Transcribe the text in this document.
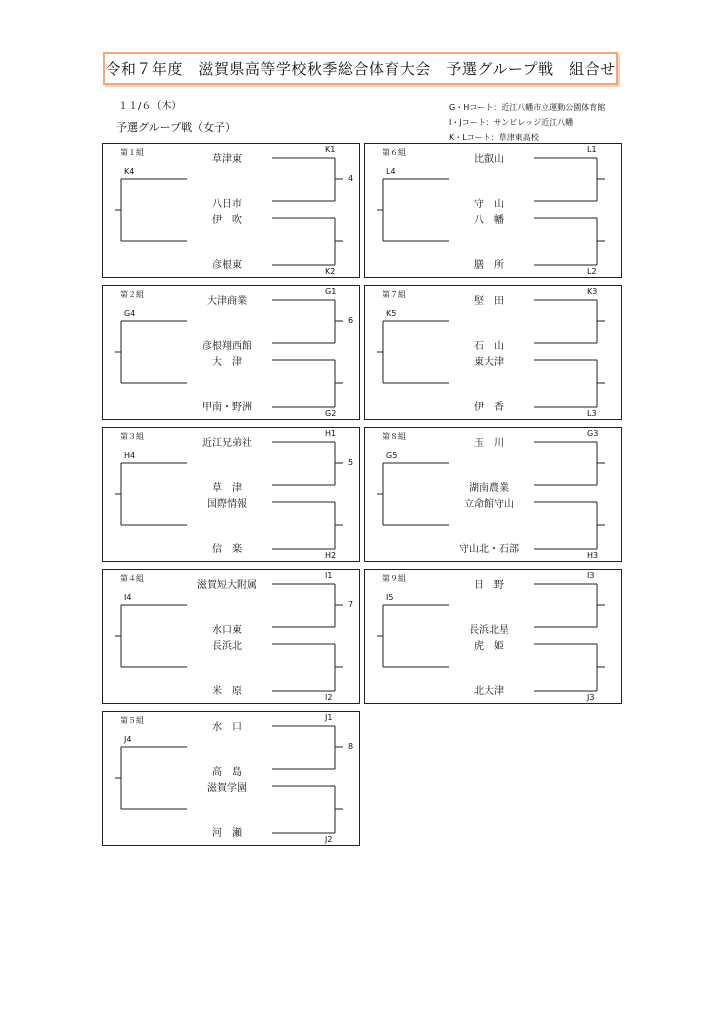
令和７年度　滋賀県高等学校秋季総合体育大会　予選グループ戦　組合せ
１１/６（木）
予選グループ戦（女子）
G・Hコート：近江八幡市立運動公園体育館
I・Jコート：サンビレッジ近江八幡
K・Lコート：草津東高校
第１組
草津東
八日市
伊　吹
彦根東
K1
K2
K4
4
第６組
比叡山
守　山
八　幡
膳　所
L1
L2
L4
第２組
大津商業
彦根翔西館
大　津
甲南・野洲
G1
G2
G4
6
第７組
堅　田
石　山
東大津
伊　香
K3
L3
K5
第３組
近江兄弟社
草　津
国際情報
信　楽
H1
H2
H4
5
第８組
玉　川
湖南農業
立命館守山
守山北・石部
G3
H3
G5
第４組
滋賀短大附属
水口東
長浜北
米　原
I1
I2
I4
7
第９組
日　野
長浜北星
虎　姫
北大津
I3
J3
I5
第５組
水　口
高　島
滋賀学園
河　瀬
J1
J2
J4
8
